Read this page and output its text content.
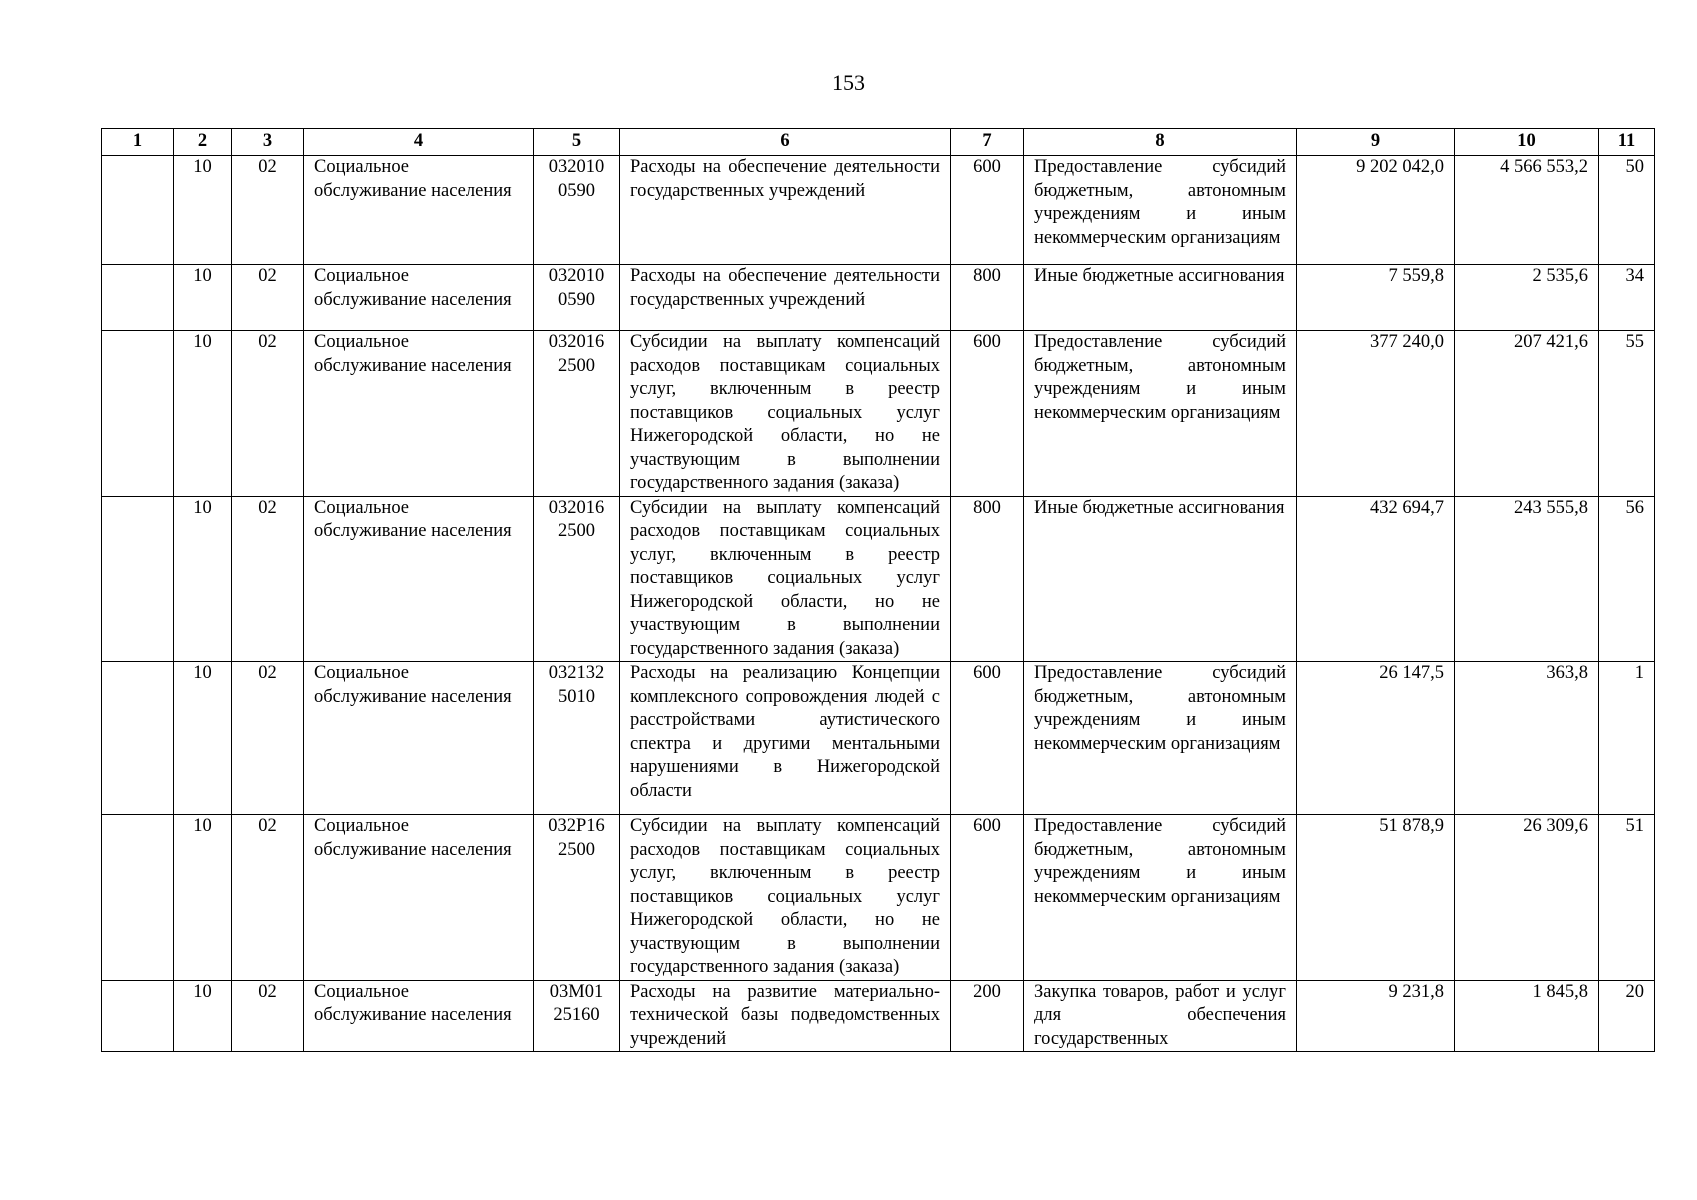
153
1	2	3	4	5	6	7	8	9	10	11
	10	02	Социальное обслуживание населения	032010 0590	Расходы на обеспечение деятельности государственных учреждений	600	Предоставление субсидий бюджетным, автономным учреждениям и иным некоммерческим организациям	9 202 042,0	4 566 553,2	50
	10	02	Социальное обслуживание населения	032010 0590	Расходы на обеспечение деятельности государственных учреждений	800	Иные бюджетные ассигнования	7 559,8	2 535,6	34
	10	02	Социальное обслуживание населения	032016 2500	Субсидии на выплату компенсаций расходов поставщикам социальных услуг, включенным в реестр поставщиков социальных услуг Нижегородской области, но не участвующим в выполнении государственного задания (заказа)	600	Предоставление субсидий бюджетным, автономным учреждениям и иным некоммерческим организациям	377 240,0	207 421,6	55
	10	02	Социальное обслуживание населения	032016 2500	Субсидии на выплату компенсаций расходов поставщикам социальных услуг, включенным в реестр поставщиков социальных услуг Нижегородской области, но не участвующим в выполнении государственного задания (заказа)	800	Иные бюджетные ассигнования	432 694,7	243 555,8	56
	10	02	Социальное обслуживание населения	032132 5010	Расходы на реализацию Концепции комплексного сопровождения людей с расстройствами аутистического спектра и другими ментальными нарушениями в Нижегородской области	600	Предоставление субсидий бюджетным, автономным учреждениям и иным некоммерческим организациям	26 147,5	363,8	1
	10	02	Социальное обслуживание населения	032P16 2500	Субсидии на выплату компенсаций расходов поставщикам социальных услуг, включенным в реестр поставщиков социальных услуг Нижегородской области, но не участвующим в выполнении государственного задания (заказа)	600	Предоставление субсидий бюджетным, автономным учреждениям и иным некоммерческим организациям	51 878,9	26 309,6	51
	10	02	Социальное обслуживание населения	03М01 25160	Расходы на развитие материально-технической базы подведомственных учреждений	200	Закупка товаров, работ и услуг для обеспечения государственных	9 231,8	1 845,8	20
